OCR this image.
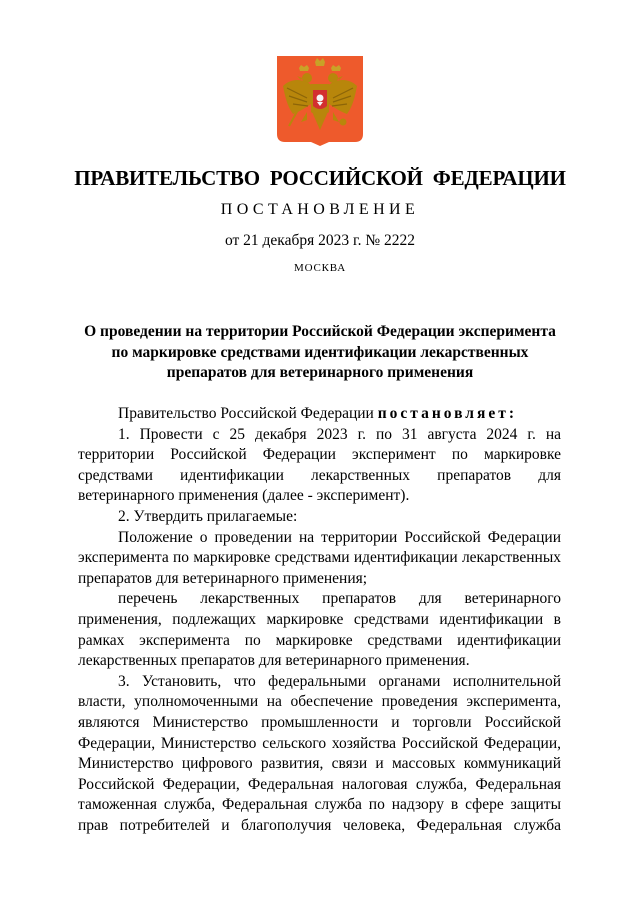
ПРАВИТЕЛЬСТВО РОССИЙСКОЙ ФЕДЕРАЦИИ
ПОСТАНОВЛЕНИЕ
от 21 декабря 2023 г. № 2222
МОСКВА
О проведении на территории Российской Федерации эксперимента
по маркировке средствами идентификации лекарственных
препаратов для ветеринарного применения

Правительство Российской Федерации постановляет:

1. Провести с 25 декабря 2023 г. по 31 августа 2024 г. на территории Российской Федерации эксперимент по маркировке средствами идентификации лекарственных препаратов для ветеринарного применения (далее - эксперимент).

2. Утвердить прилагаемые:

Положение о проведении на территории Российской Федерации эксперимента по маркировке средствами идентификации лекарственных препаратов для ветеринарного применения;

перечень лекарственных препаратов для ветеринарного применения, подлежащих маркировке средствами идентификации в рамках эксперимента по маркировке средствами идентификации лекарственных препаратов для ветеринарного применения.

3. Установить, что федеральными органами исполнительной власти, уполномоченными на обеспечение проведения эксперимента, являются Министерство промышленности и торговли Российской Федерации, Министерство сельского хозяйства Российской Федерации, Министерство цифрового развития, связи и массовых коммуникаций Российской Федерации, Федеральная налоговая служба, Федеральная таможенная служба, Федеральная служба по надзору в сфере защиты прав потребителей и благополучия человека, Федеральная служба
